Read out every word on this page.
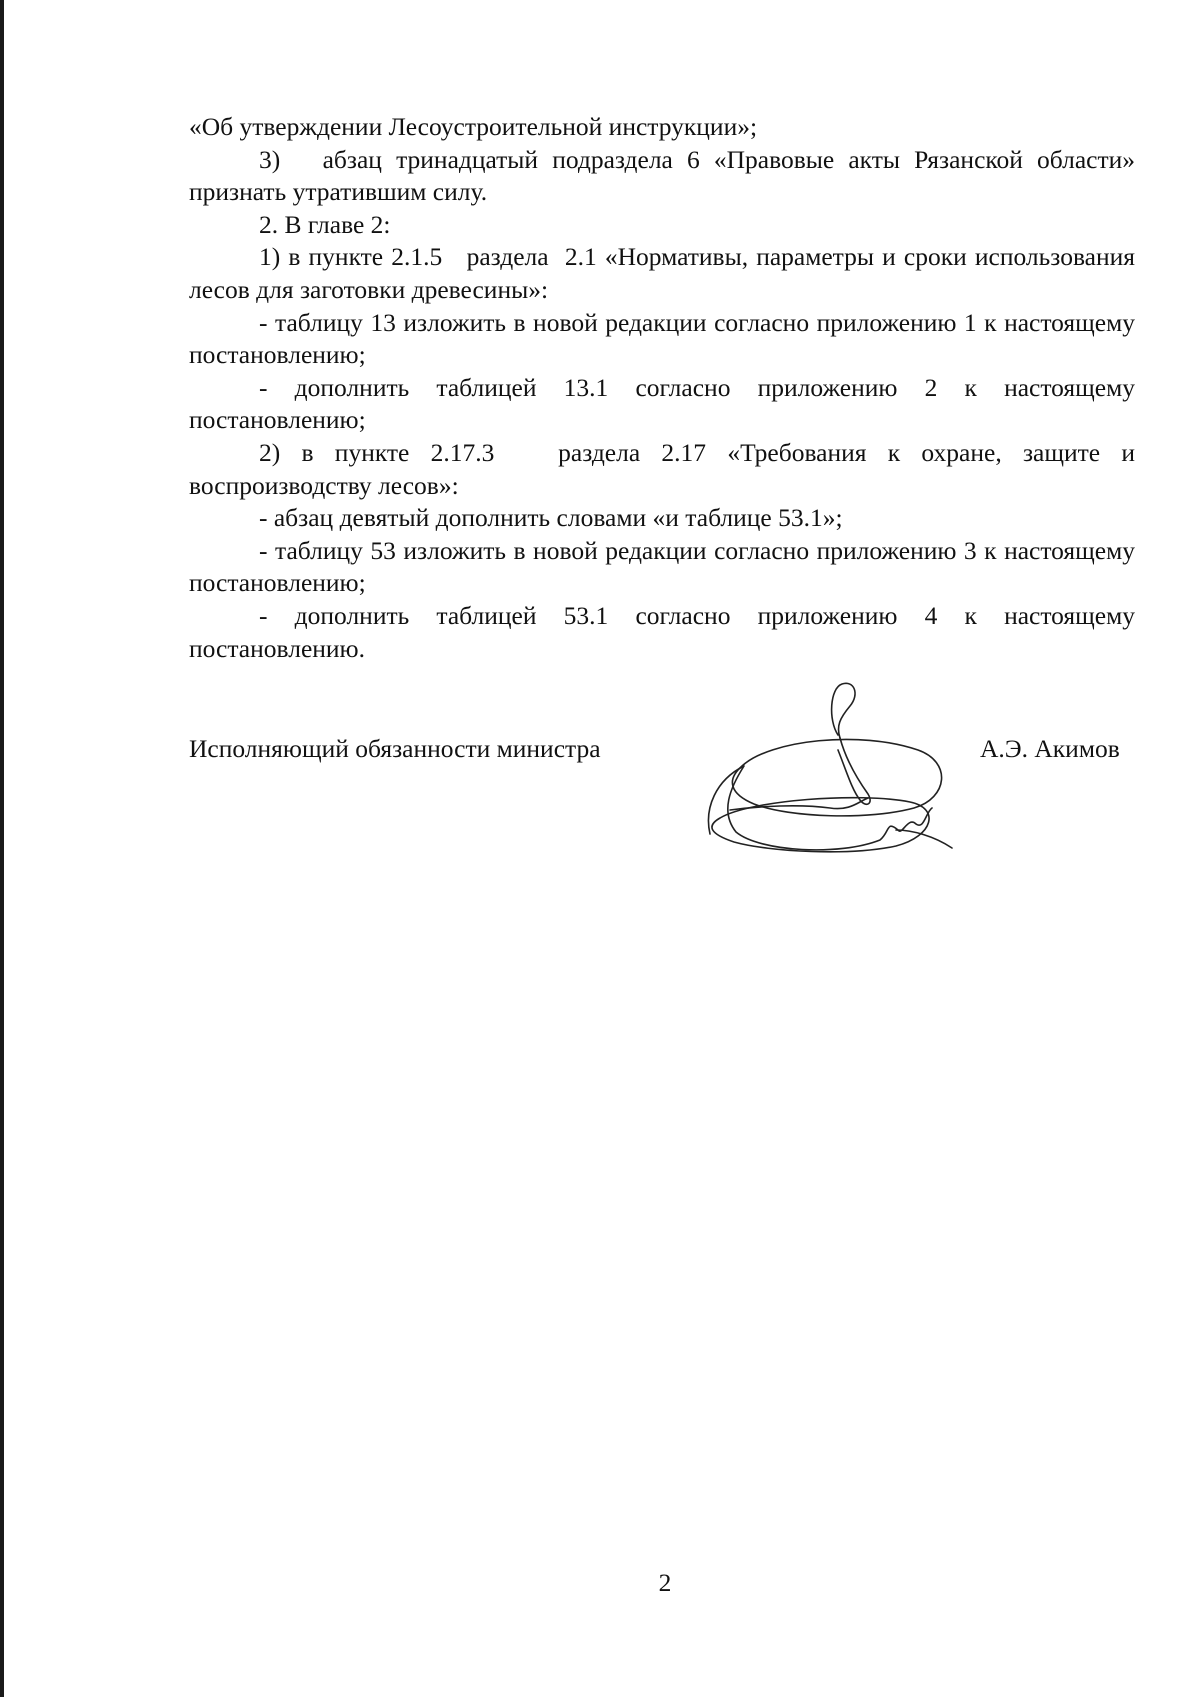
«Об утверждении Лесоустроительной инструкции»;

3)   абзац тринадцатый подраздела 6 «Правовые акты Рязанской области» признать утратившим силу.

2. В главе 2:

1) в пункте 2.1.5   раздела  2.1 «Нормативы, параметры и сроки использования лесов для заготовки древесины»:

- таблицу 13 изложить в новой редакции согласно приложению 1 к настоящему постановлению;

- дополнить таблицей 13.1 согласно приложению 2 к настоящему постановлению;

2) в пункте 2.17.3   раздела 2.17 «Требования к охране, защите и воспроизводству лесов»:

- абзац девятый дополнить словами «и таблице 53.1»;

- таблицу 53 изложить в новой редакции согласно приложению 3 к настоящему постановлению;

- дополнить таблицей 53.1 согласно приложению 4 к настоящему постановлению.

Исполняющий обязанности министра	А.Э. Акимов
2
